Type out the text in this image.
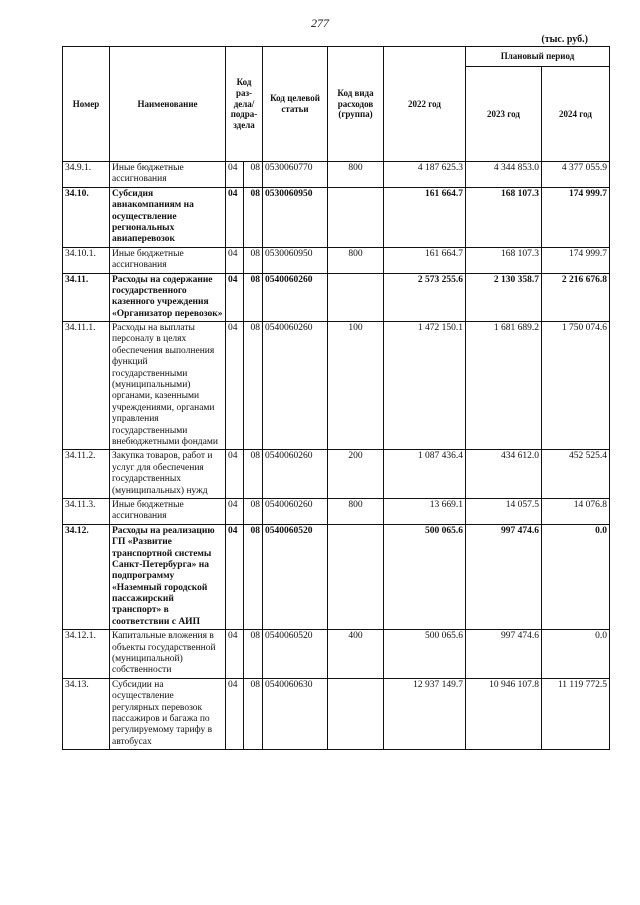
277
(тыс. руб.)
Номер	Наименование	Код раз-дела/ подра-здела		Код целевой статьи	Код вида расходов (группа)	2022 год	Плановый период	
							2023 год	2024 год
34.9.1.	Иные бюджетные ассигнования	04	08	0530060770	800	4 187 625.3	4 344 853.0	4 377 055.9
34.10.	Субсидия авиакомпаниям на осуществление региональных авиаперевозок	04	08	0530060950		161 664.7	168 107.3	174 999.7
34.10.1.	Иные бюджетные ассигнования	04	08	0530060950	800	161 664.7	168 107.3	174 999.7
34.11.	Расходы на содержание государственного казенного учреждения «Организатор перевозок»	04	08	0540060260		2 573 255.6	2 130 358.7	2 216 676.8
34.11.1.	Расходы на выплаты персоналу в целях обеспечения выполнения функций государственными (муниципальными) органами, казенными учреждениями, органами управления государственными внебюджетными фондами	04	08	0540060260	100	1 472 150.1	1 681 689.2	1 750 074.6
34.11.2.	Закупка товаров, работ и услуг для обеспечения государственных (муниципальных) нужд	04	08	0540060260	200	1 087 436.4	434 612.0	452 525.4
34.11.3.	Иные бюджетные ассигнования	04	08	0540060260	800	13 669.1	14 057.5	14 076.8
34.12.	Расходы на реализацию ГП «Развитие транспортной системы Санкт-Петербурга» на подпрограмму «Наземный городской пассажирский транспорт» в соответствии с АИП	04	08	0540060520		500 065.6	997 474.6	0.0
34.12.1.	Капитальные вложения в объекты государственной (муниципальной) собственности	04	08	0540060520	400	500 065.6	997 474.6	0.0
34.13.	Субсидии на осуществление регулярных перевозок пассажиров и багажа по регулируемому тарифу в автобусах	04	08	0540060630		12 937 149.7	10 946 107.8	11 119 772.5
